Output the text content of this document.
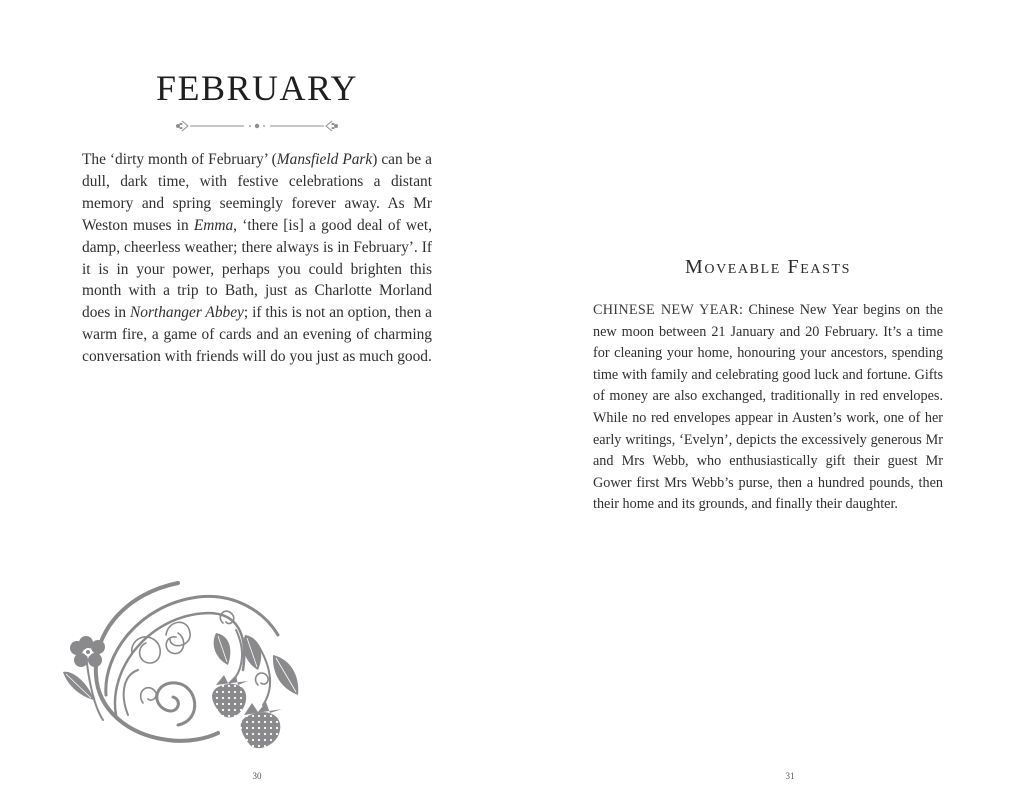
FEBRUARY

The ‘dirty month of February’ (Mansfield Park) can be a dull, dark time, with festive celebrations a distant memory and spring seemingly forever away. As Mr Weston muses in Emma, ‘there [is] a good deal of wet, damp, cheerless weather; there always is in February’. If it is in your power, perhaps you could brighten this month with a trip to Bath, just as Charlotte Morland does in Northanger Abbey; if this is not an option, then a warm fire, a game of cards and an evening of charming conversation with friends will do you just as much good.

30
Moveable Feasts

CHINESE NEW YEAR: Chinese New Year begins on the new moon between 21 January and 20 February. It’s a time for cleaning your home, honouring your ancestors, spending time with family and celebrating good luck and fortune. Gifts of money are also exchanged, traditionally in red envelopes. While no red envelopes appear in Austen’s work, one of her early writings, ‘Evelyn’, depicts the excessively generous Mr and Mrs Webb, who enthusiastically gift their guest Mr Gower first Mrs Webb’s purse, then a hundred pounds, then their home and its grounds, and finally their daughter.

31
